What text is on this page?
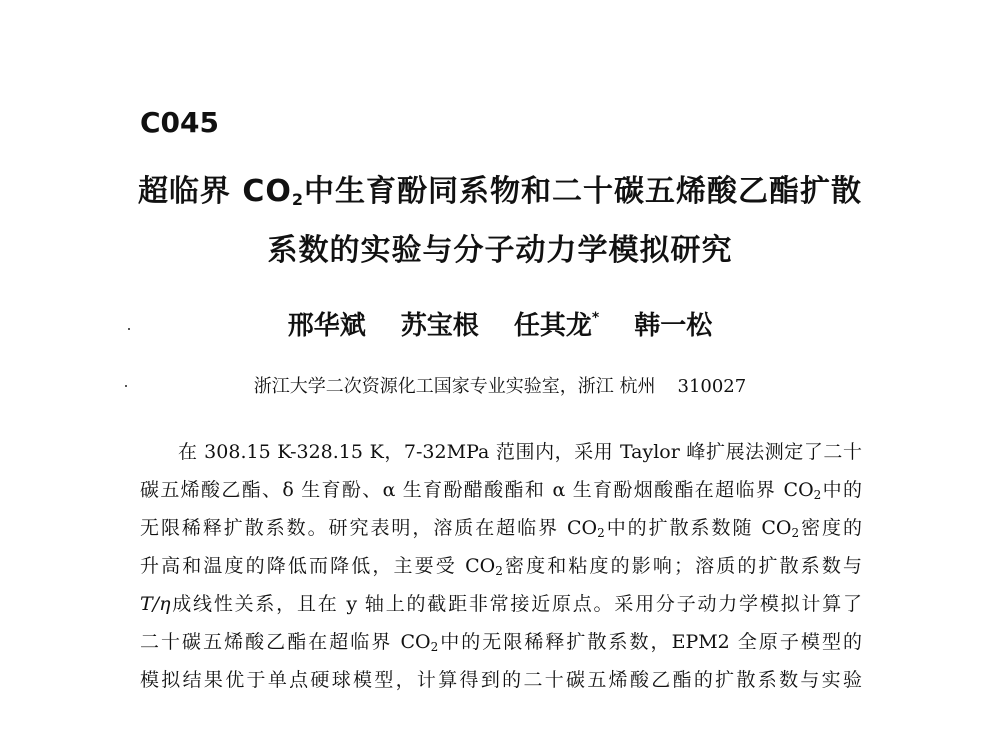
C045
超临界 $CO_2$中生育酚同系物和二十碳五烯酸乙酯扩散
系数的实验与分子动力学模拟研究
邢华斌 苏宝根 任其龙* 韩一松
浙江大学二次资源化工国家专业实验室，浙江 杭州 310027
在 308.15 K-328.15 K，7-32MPa 范围内，采用 Taylor 峰扩展法测定了二十
碳五烯酸乙酯、δ 生育酚、α 生育酚醋酸酯和 α 生育酚烟酸酯在超临界 $CO_2$中的
无限稀释扩散系数。研究表明，溶质在超临界 $CO_2$中的扩散系数随 $CO_2$密度的
升高和温度的降低而降低，主要受 $CO_2$密度和粘度的影响；溶质的扩散系数与
T/η成线性关系，且在 y 轴上的截距非常接近原点。采用分子动力学模拟计算了
二十碳五烯酸乙酯在超临界 $CO_2$中的无限稀释扩散系数，EPM2 全原子模型的
模拟结果优于单点硬球模型，计算得到的二十碳五烯酸乙酯的扩散系数与实验
